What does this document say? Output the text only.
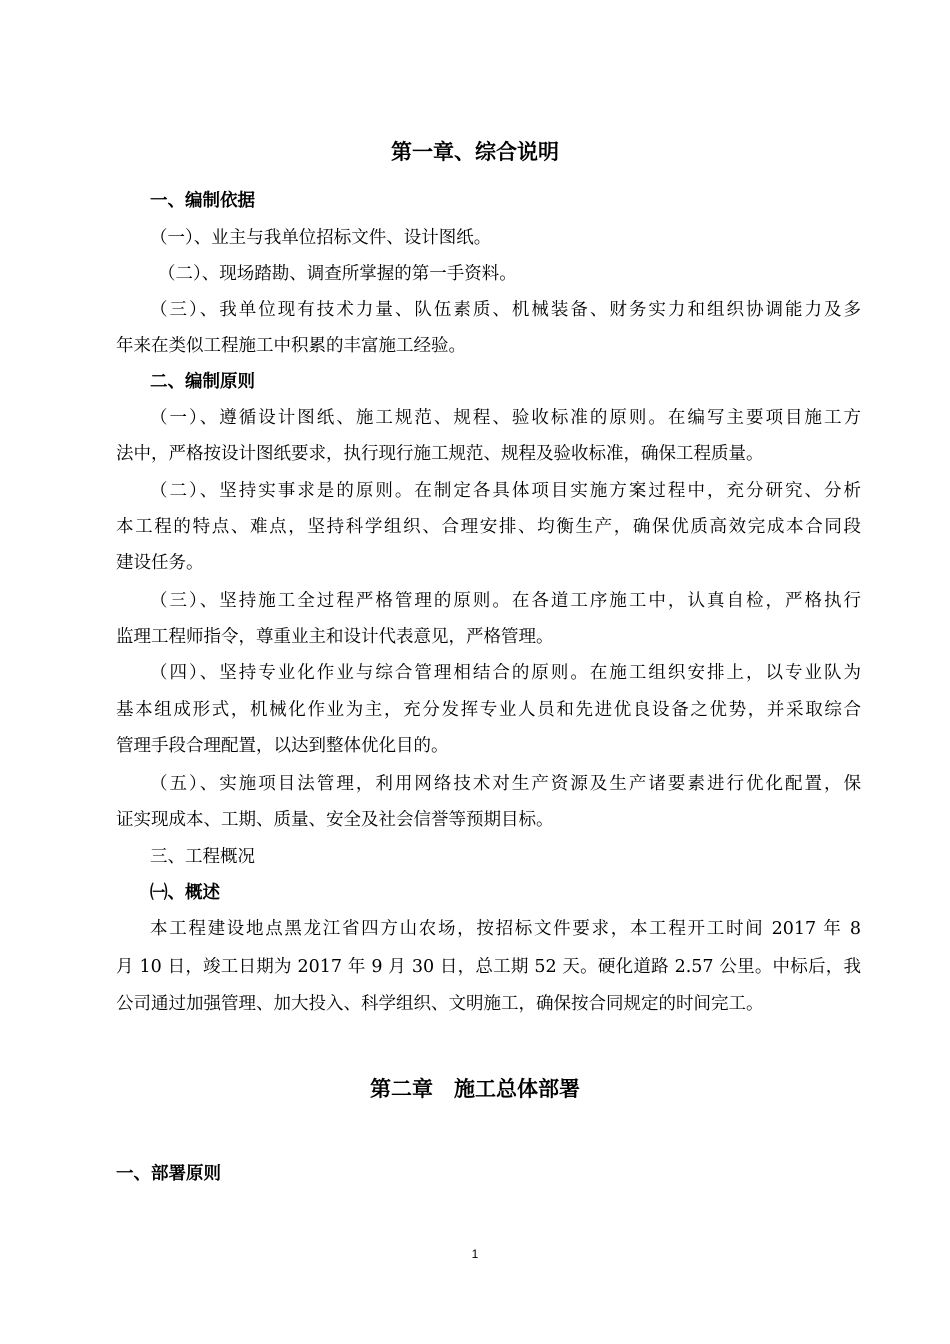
第一章、综合说明
一、编制依据
（一）、业主与我单位招标文件、设计图纸。
（二）、现场踏勘、调查所掌握的第一手资料。
（三）、我单位现有技术力量、队伍素质、机械装备、财务实力和组织协调能力及多
年来在类似工程施工中积累的丰富施工经验。
二、编制原则
（一）、遵循设计图纸、施工规范、规程、验收标准的原则。在编写主要项目施工方
法中，严格按设计图纸要求，执行现行施工规范、规程及验收标准，确保工程质量。
（二）、坚持实事求是的原则。在制定各具体项目实施方案过程中，充分研究、分析
本工程的特点、难点，坚持科学组织、合理安排、均衡生产，确保优质高效完成本合同段
建设任务。
（三）、坚持施工全过程严格管理的原则。在各道工序施工中，认真自检，严格执行
监理工程师指令，尊重业主和设计代表意见，严格管理。
（四）、坚持专业化作业与综合管理相结合的原则。在施工组织安排上，以专业队为
基本组成形式，机械化作业为主，充分发挥专业人员和先进优良设备之优势，并采取综合
管理手段合理配置，以达到整体优化目的。
（五）、实施项目法管理，利用网络技术对生产资源及生产诸要素进行优化配置，保
证实现成本、工期、质量、安全及社会信誉等预期目标。
三、工程概况
㈠、概述
本工程建设地点黑龙江省四方山农场，按招标文件要求，本工程开工时间 2017 年 8
月 10 日，竣工日期为 2017 年 9 月 30 日，总工期 52 天。硬化道路 2.57 公里。中标后，我
公司通过加强管理、加大投入、科学组织、文明施工，确保按合同规定的时间完工。
第二章　施工总体部署
一、部署原则
1
